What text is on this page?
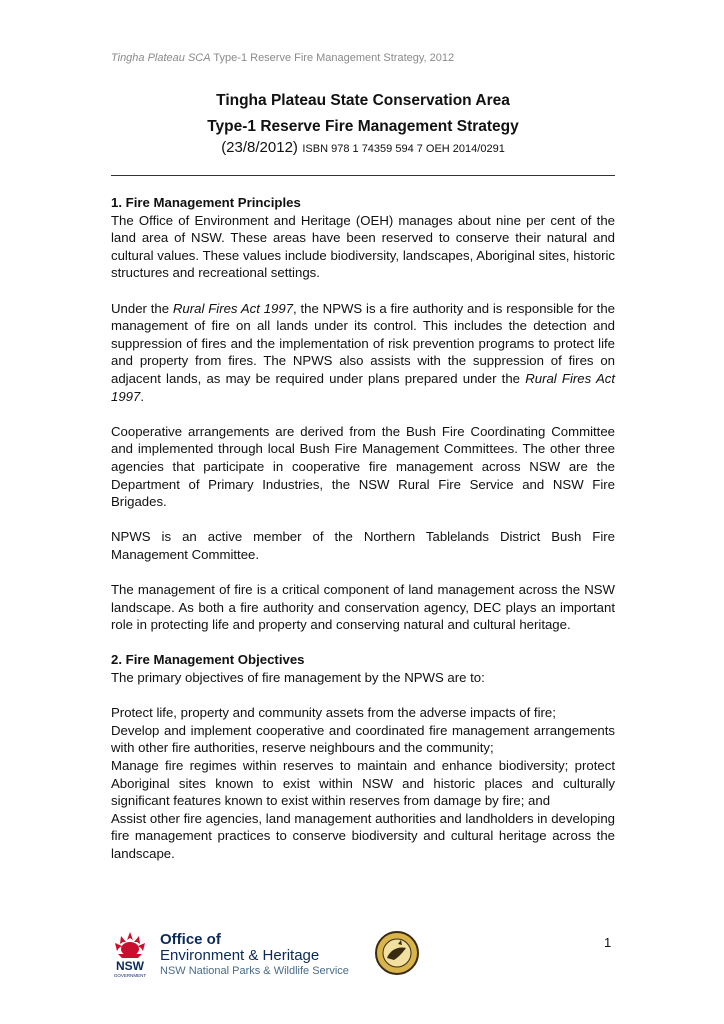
Tingha Plateau SCA Type-1 Reserve Fire Management Strategy, 2012

Tingha Plateau State Conservation Area

Type-1 Reserve Fire Management Strategy

(23/8/2012) ISBN 978 1 74359 594 7 OEH 2014/0291

1. Fire Management Principles

The Office of Environment and Heritage (OEH) manages about nine per cent of the land area of NSW. These areas have been reserved to conserve their natural and cultural values. These values include biodiversity, landscapes, Aboriginal sites, historic structures and recreational settings.

Under the Rural Fires Act 1997, the NPWS is a fire authority and is responsible for the management of fire on all lands under its control. This includes the detection and suppression of fires and the implementation of risk prevention programs to protect life and property from fires. The NPWS also assists with the suppression of fires on adjacent lands, as may be required under plans prepared under the Rural Fires Act 1997.

Cooperative arrangements are derived from the Bush Fire Coordinating Committee and implemented through local Bush Fire Management Committees. The other three agencies that participate in cooperative fire management across NSW are the Department of Primary Industries, the NSW Rural Fire Service and NSW Fire Brigades.

NPWS is an active member of the Northern Tablelands District Bush Fire Management Committee.

The management of fire is a critical component of land management across the NSW landscape. As both a fire authority and conservation agency, DEC plays an important role in protecting life and property and conserving natural and cultural heritage.

2. Fire Management Objectives

The primary objectives of fire management by the NPWS are to:

Protect life, property and community assets from the adverse impacts of fire;

Develop and implement cooperative and coordinated fire management arrangements with other fire authorities, reserve neighbours and the community;

Manage fire regimes within reserves to maintain and enhance biodiversity; protect Aboriginal sites known to exist within NSW and historic places and culturally significant features known to exist within reserves from damage by fire; and

Assist other fire agencies, land management authorities and landholders in developing fire management practices to conserve biodiversity and cultural heritage across the landscape.

1
NSW
GOVERNMENT
Office of
Environment & Heritage
NSW National Parks & Wildlife Service
